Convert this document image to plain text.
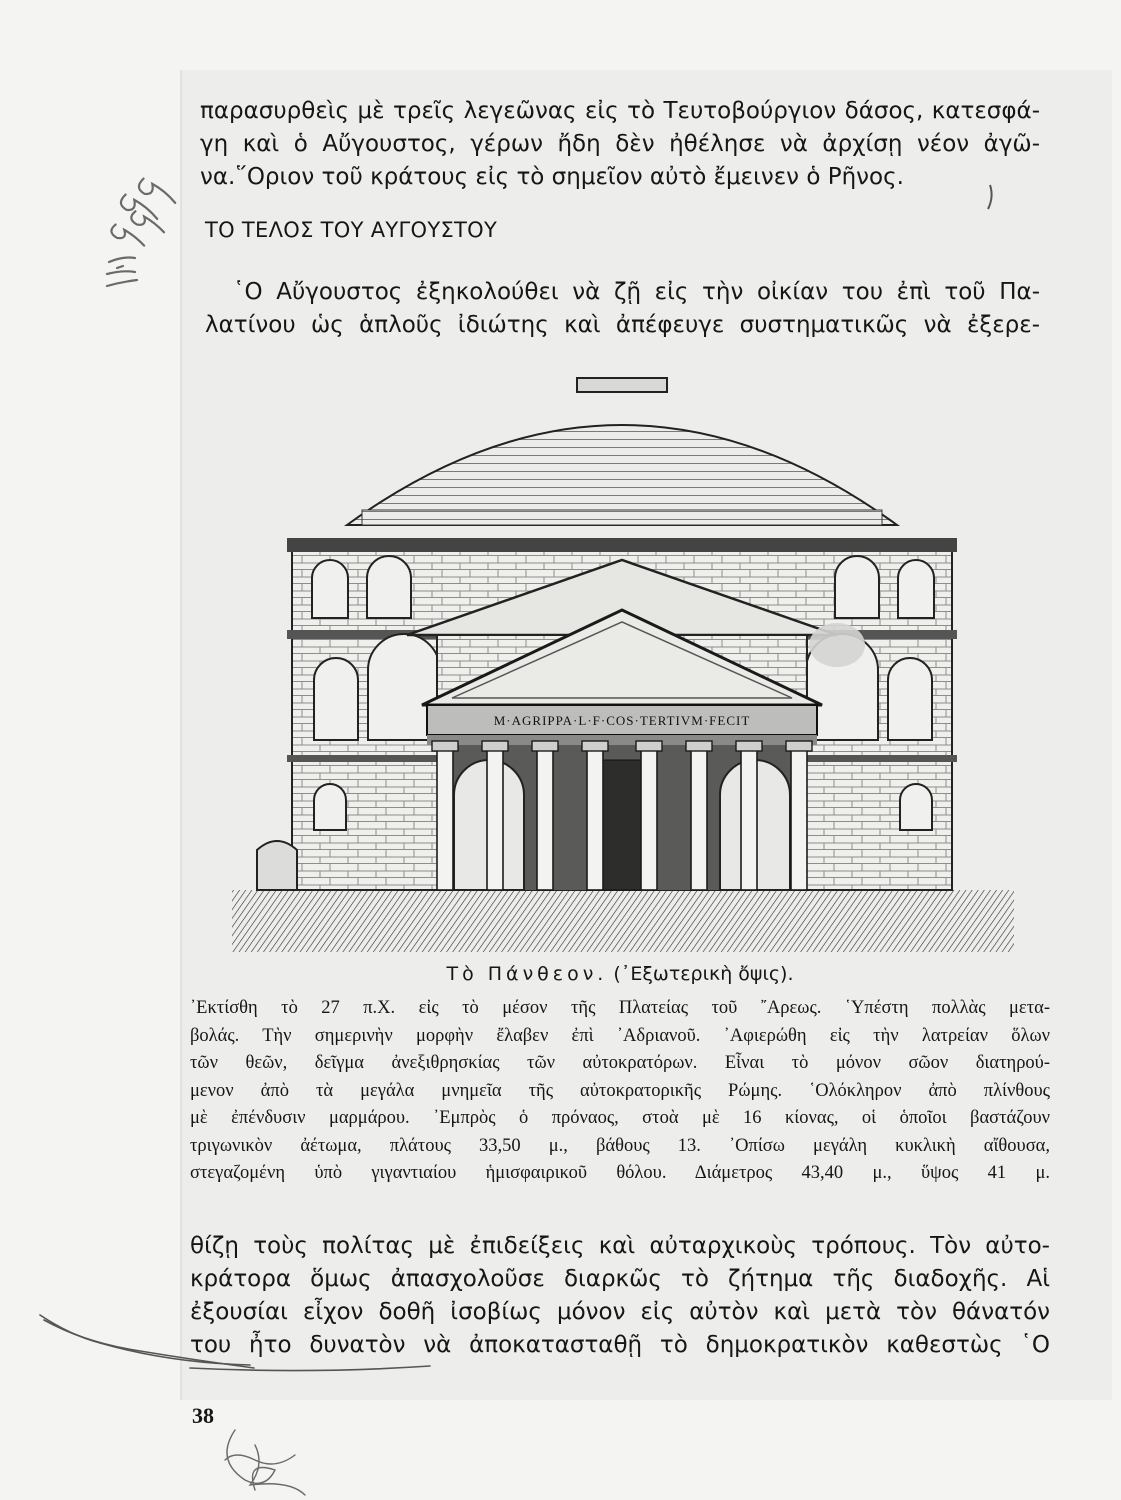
παρασυρθεὶς μὲ τρεῖς λεγεῶνας εἰς τὸ Τευτοβούργιον δάσος, κατεσφά-
γη καὶ ὁ Αὔγουστος, γέρων ἤδη δὲν ἠθέλησε νὰ ἀρχίσῃ νέον ἀγῶ-
να.῞Οριον τοῦ κράτους εἰς τὸ σημεῖον αὐτὸ ἔμεινεν ὁ Ρῆνος.
ΤΟ ΤΕΛΟΣ ΤΟΥ ΑΥΓΟΥΣΤΟΥ
῾Ο Αὔγουστος ἐξηκολούθει νὰ ζῇ εἰς τὴν οἰκίαν του ἐπὶ τοῦ Πα-
λατίνου ὡς ἁπλοῦς ἰδιώτης καὶ ἀπέφευγε συστηματικῶς νὰ ἐξερε-
M·AGRIPPA·L·F·COS·TERTIVM·FECIT

Τὸ Πάνθεον. (᾿Εξωτερικὴ ὄψις).

᾿Εκτίσθη τὸ 27 π.Χ. εἰς τὸ μέσον τῆς Πλατείας τοῦ ῎Αρεως. ῾Υπέστη πολλὰς μετα-
βολάς. Τὴν σημερινὴν μορφὴν ἔλαβεν ἐπὶ ᾿Αδριανοῦ. ᾿Αφιερώθη εἰς τὴν λατρείαν ὅλων
τῶν θεῶν, δεῖγμα ἀνεξιθρησκίας τῶν αὐτοκρατόρων. Εἶναι τὸ μόνον σῶον διατηρού-
μενον ἀπὸ τὰ μεγάλα μνημεῖα τῆς αὐτοκρατορικῆς Ρώμης. ῾Ολόκληρον ἀπὸ πλίνθους
μὲ ἐπένδυσιν μαρμάρου. ᾿Εμπρὸς ὁ πρόναος, στοὰ μὲ 16 κίονας, οἱ ὁποῖοι βαστάζουν
τριγωνικὸν ἀέτωμα, πλάτους 33,50 μ., βάθους 13. ᾿Οπίσω μεγάλη κυκλικὴ αἴθουσα,
στεγαζομένη ὑπὸ γιγαντιαίου ἡμισφαιρικοῦ θόλου. Διάμετρος 43,40 μ., ὕψος 41 μ.
θίζῃ τοὺς πολίτας μὲ ἐπιδείξεις καὶ αὐταρχικοὺς τρόπους. Τὸν αὐτο-
κράτορα ὅμως ἀπασχολοῦσε διαρκῶς τὸ ζήτημα τῆς διαδοχῆς. Αἱ
ἐξουσίαι εἶχον δοθῆ ἰσοβίως μόνον εἰς αὐτὸν καὶ μετὰ τὸν θάνατόν
του ἦτο δυνατὸν νὰ ἀποκατασταθῇ τὸ δημοκρατικὸν καθεστὼς ῾Ο
38
